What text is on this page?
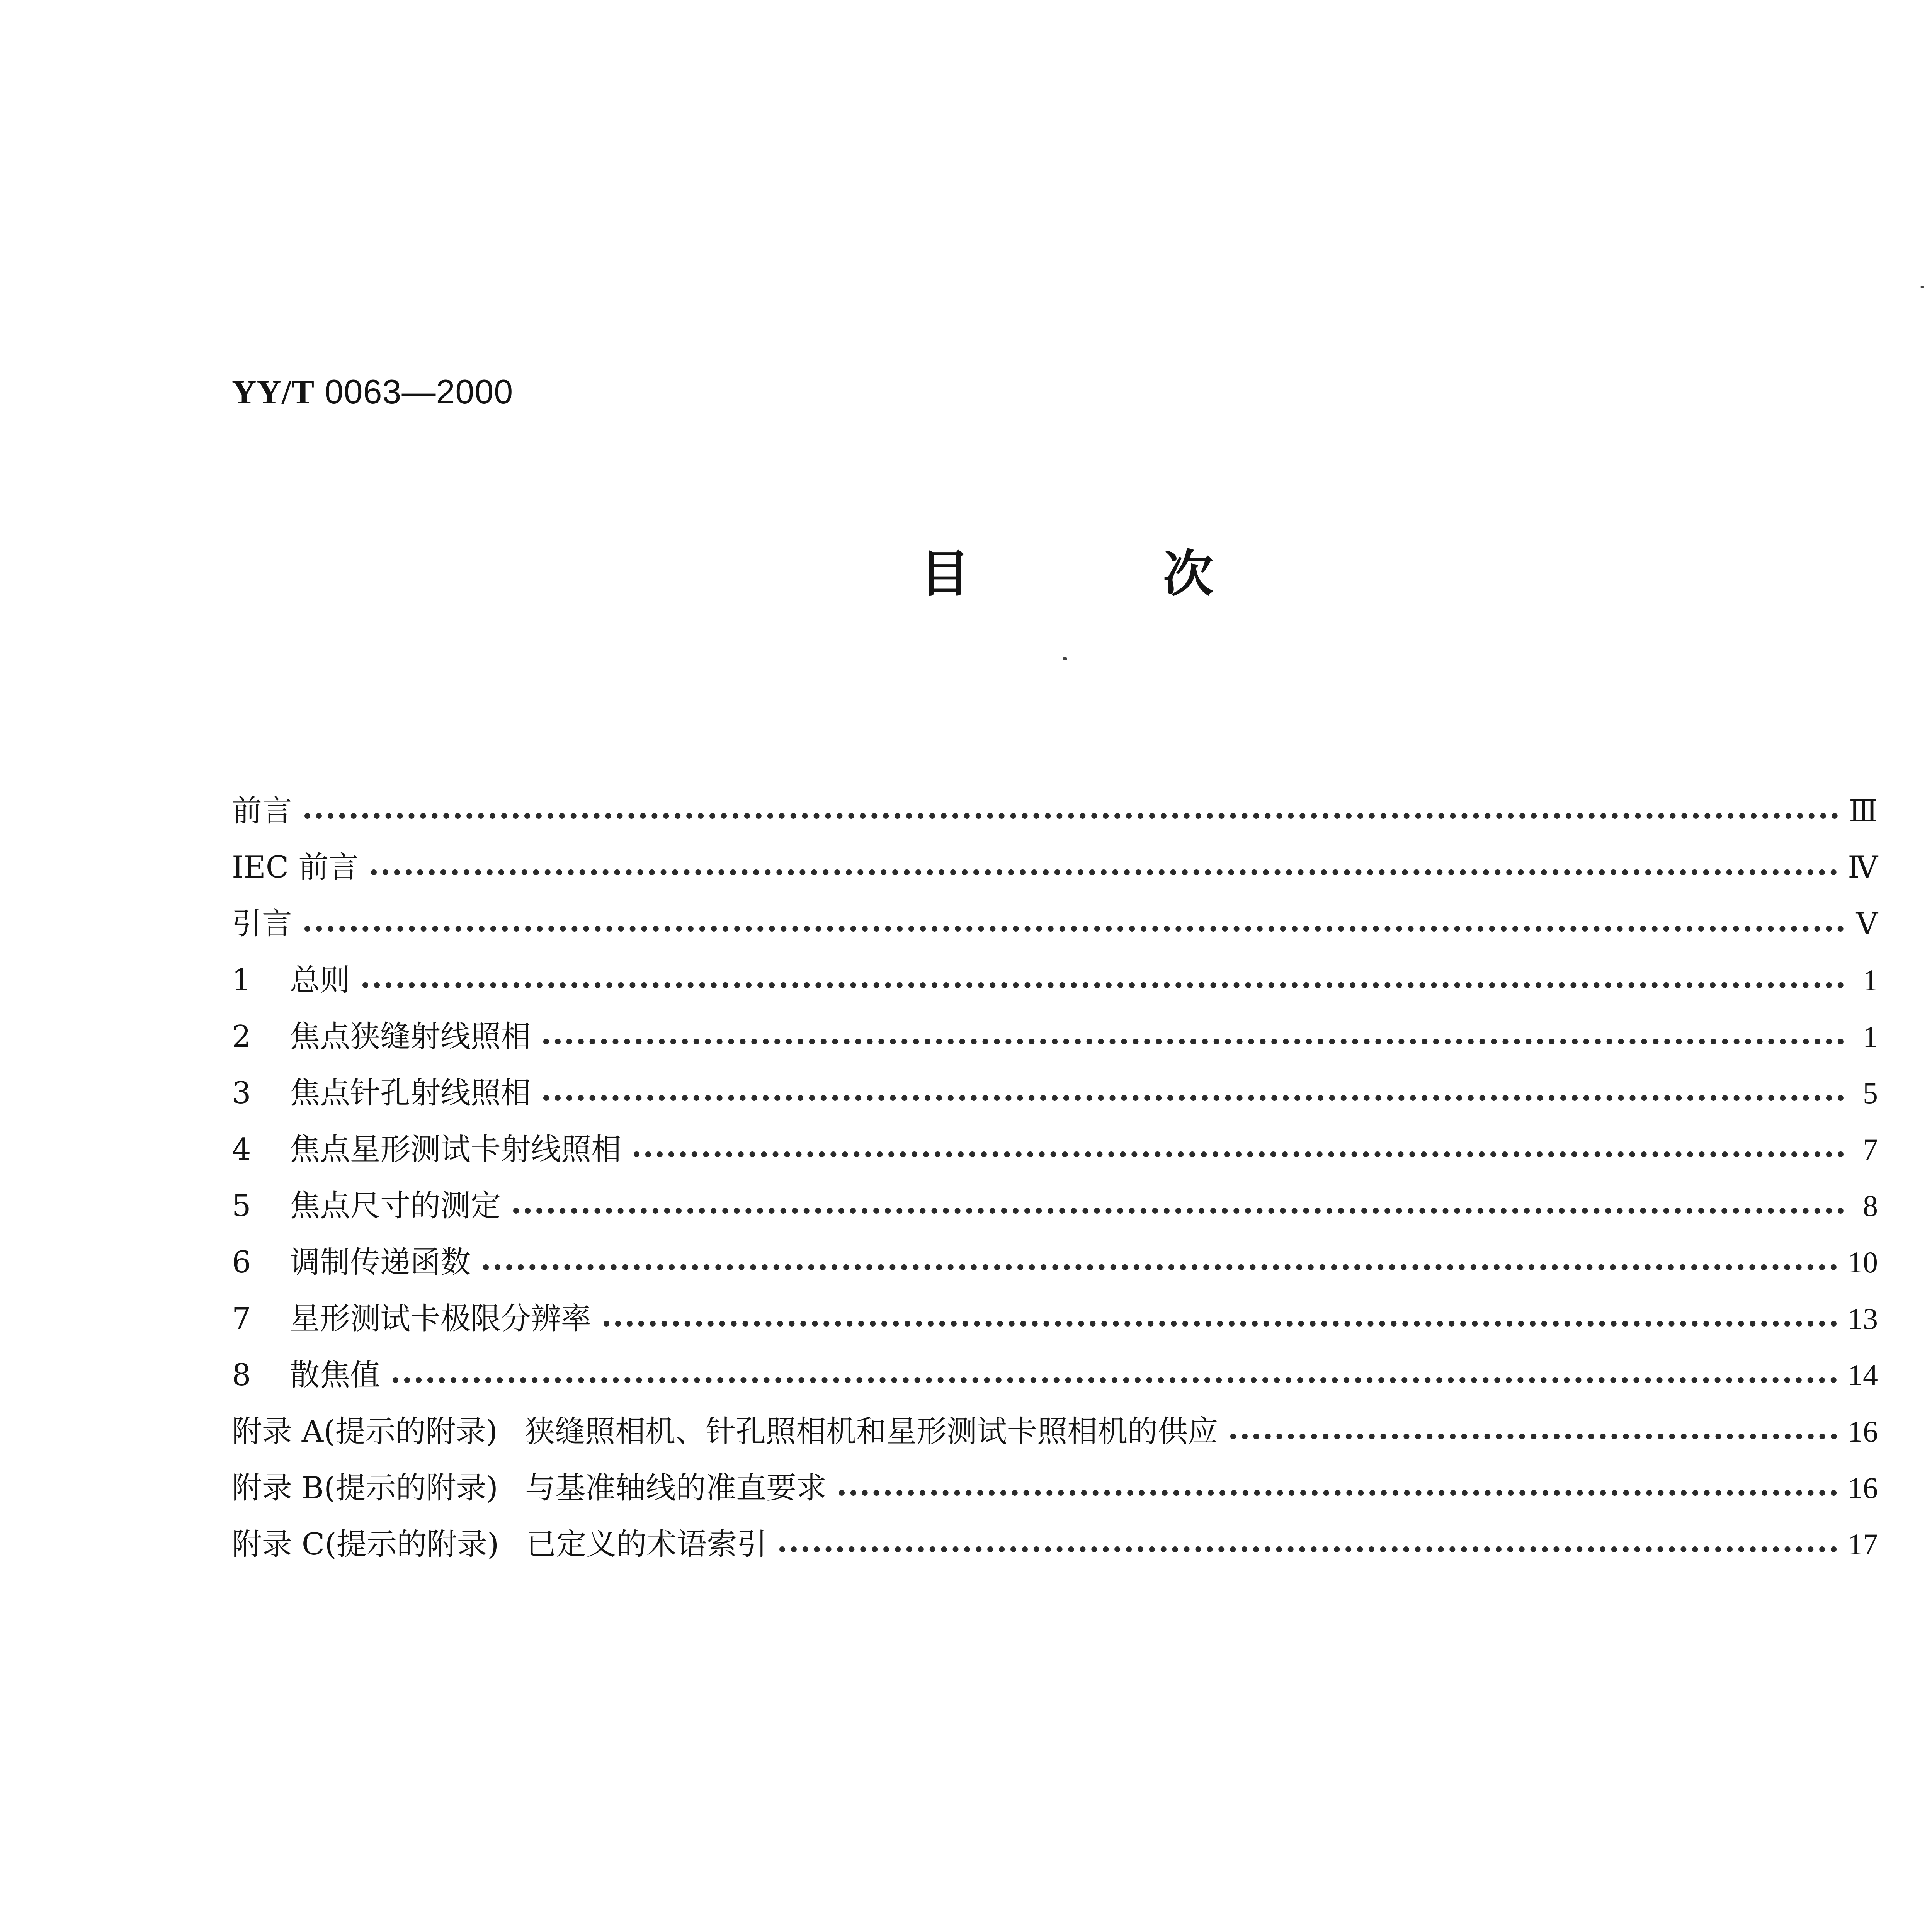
YY/T 0063—2000
目	次
前言	Ⅲ
IEC 前言	Ⅳ
引言	Ⅴ
1	总则	1
2	焦点狭缝射线照相	1
3	焦点针孔射线照相	5
4	焦点星形测试卡射线照相	7
5	焦点尺寸的测定	8
6	调制传递函数	10
7	星形测试卡极限分辨率	13
8	散焦值	14
附录 A(提示的附录) 狭缝照相机、针孔照相机和星形测试卡照相机的供应	16
附录 B(提示的附录) 与基准轴线的准直要求	16
附录 C(提示的附录) 已定义的术语索引	17
